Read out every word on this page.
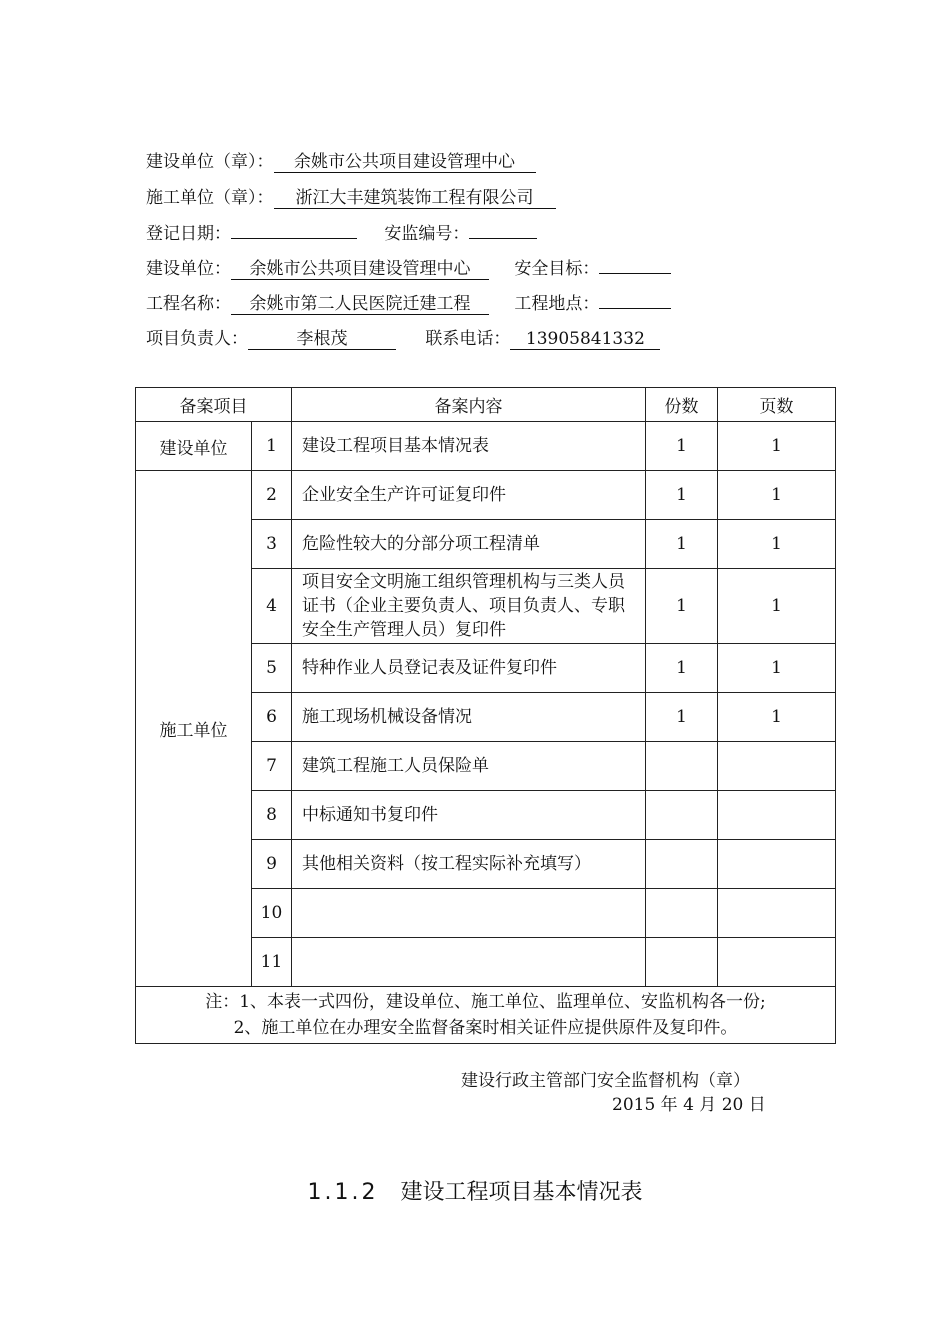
建设单位（章）： 余姚市公共项目建设管理中心
施工单位（章）： 浙江大丰建筑装饰工程有限公司
登记日期：	安监编号：
建设单位： 余姚市公共项目建设管理中心	安全目标：
工程名称： 余姚市第二人民医院迁建工程	工程地点：
项目负责人：	李根茂	联系电话： 13905841332
备案项目		备案内容	份数	页数
建设单位	1	建设工程项目基本情况表	1	1
施工单位	2	企业安全生产许可证复印件	1	1
	3	危险性较大的分部分项工程清单	1	1
	4	项目安全文明施工组织管理机构与三类人员证书（企业主要负责人、项目负责人、专职安全生产管理人员）复印件	1	1
	5	特种作业人员登记表及证件复印件	1	1
	6	施工现场机械设备情况	1	1
	7	建筑工程施工人员保险单		
	8	中标通知书复印件		
	9	其他相关资料（按工程实际补充填写）		
	10			
	11			

注：1、本表一式四份，建设单位、施工单位、监理单位、安监机构各一份;
2、施工单位在办理安全监督备案时相关证件应提供原件及复印件。				
建设行政主管部门安全监督机构（章）
2015 年 4 月 20 日
1.1.2 建设工程项目基本情况表
